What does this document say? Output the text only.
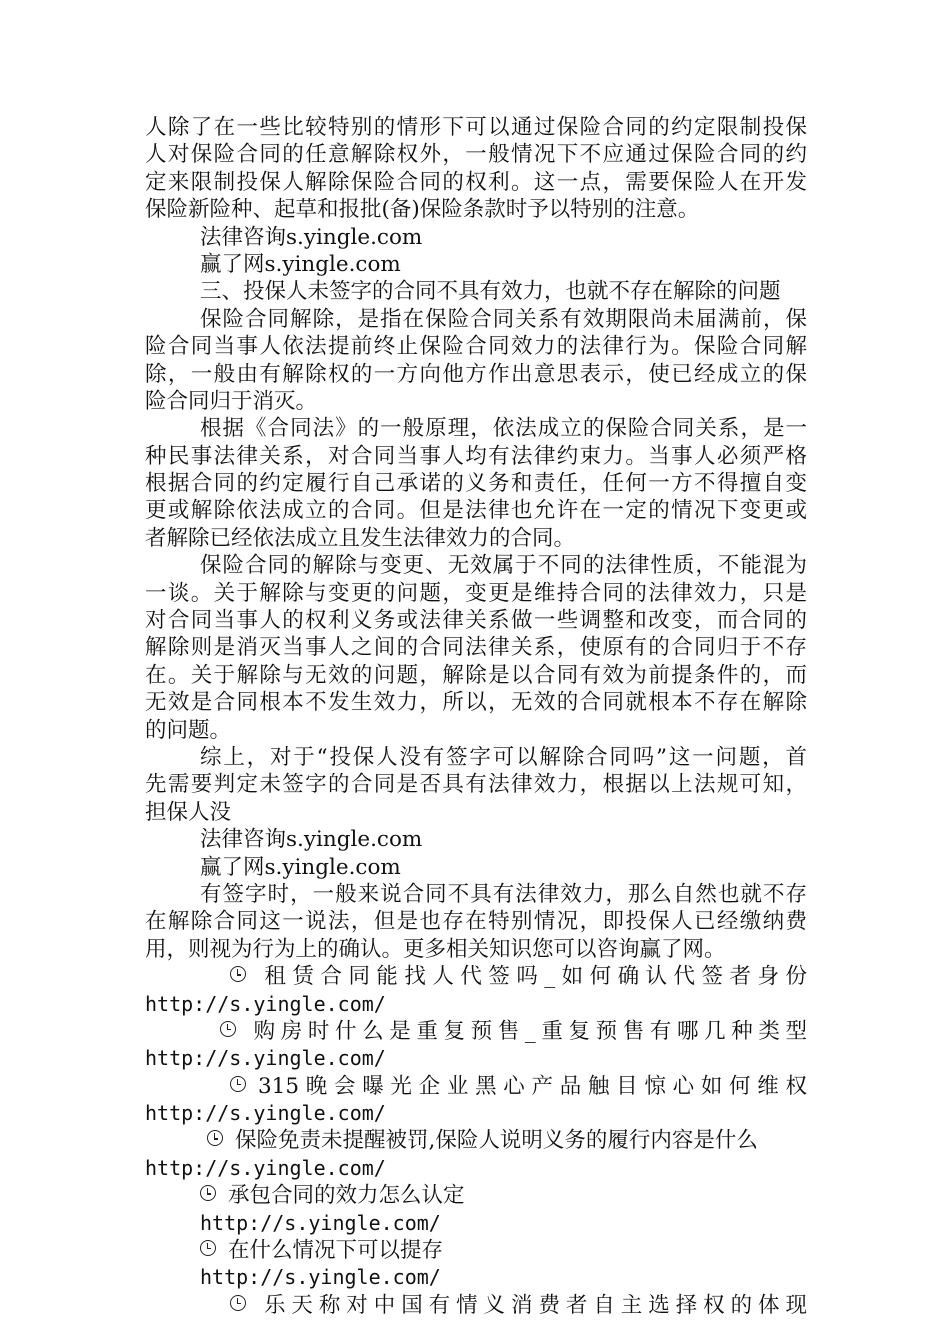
人除了在一些比较特别的情形下可以通过保险合同的约定限制投保
人对保险合同的任意解除权外，一般情况下不应通过保险合同的约
定来限制投保人解除保险合同的权利。这一点，需要保险人在开发
保险新险种、起草和报批(备)保险条款时予以特别的注意。
法律咨询s.yingle.com
赢了网s.yingle.com
三、投保人未签字的合同不具有效力，也就不存在解除的问题
保险合同解除，是指在保险合同关系有效期限尚未届满前，保
险合同当事人依法提前终止保险合同效力的法律行为。保险合同解
除，一般由有解除权的一方向他方作出意思表示，使已经成立的保
险合同归于消灭。
根据《合同法》的一般原理，依法成立的保险合同关系，是一
种民事法律关系，对合同当事人均有法律约束力。当事人必须严格
根据合同的约定履行自己承诺的义务和责任，任何一方不得擅自变
更或解除依法成立的合同。但是法律也允许在一定的情况下变更或
者解除已经依法成立且发生法律效力的合同。
保险合同的解除与变更、无效属于不同的法律性质，不能混为
一谈。关于解除与变更的问题，变更是维持合同的法律效力，只是
对合同当事人的权利义务或法律关系做一些调整和改变，而合同的
解除则是消灭当事人之间的合同法律关系，使原有的合同归于不存
在。关于解除与无效的问题，解除是以合同有效为前提条件的，而
无效是合同根本不发生效力，所以，无效的合同就根本不存在解除
的问题。
综上，对于“投保人没有签字可以解除合同吗”这一问题，首
先需要判定未签字的合同是否具有法律效力，根据以上法规可知，
担保人没
法律咨询s.yingle.com
赢了网s.yingle.com
有签字时，一般来说合同不具有法律效力，那么自然也就不存
在解除合同这一说法，但是也存在特别情况，即投保人已经缴纳费
用，则视为行为上的确认。更多相关知识您可以咨询赢了网。
租赁合同能找人代签吗_如何确认代签者身份
http://s.yingle.com/
购房时什么是重复预售_重复预售有哪几种类型
http://s.yingle.com/
315晚会曝光企业黑心产品触目惊心如何维权
http://s.yingle.com/
保险免责未提醒被罚,保险人说明义务的履行内容是什么
http://s.yingle.com/
承包合同的效力怎么认定
http://s.yingle.com/
在什么情况下可以提存
http://s.yingle.com/
乐天称对中国有情义消费者自主选择权的体现
